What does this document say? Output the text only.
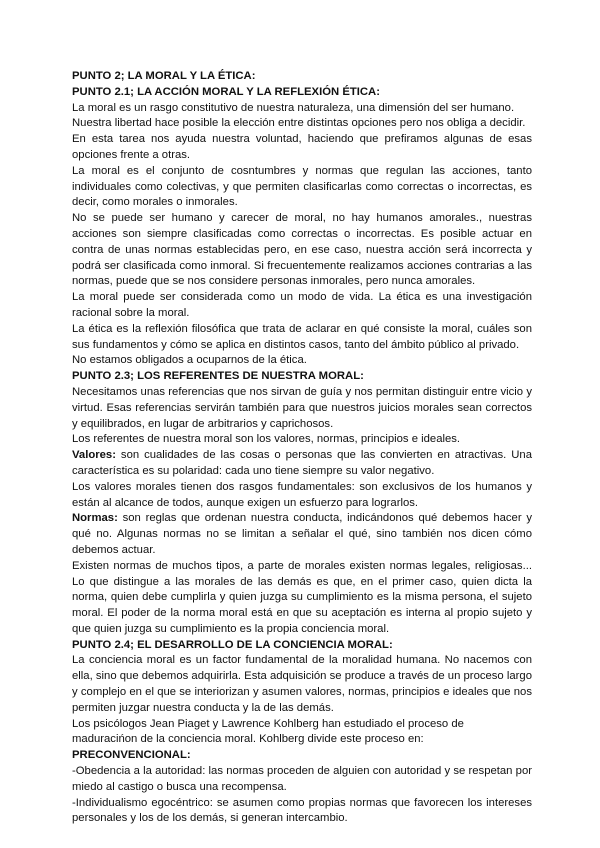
PUNTO 2; LA MORAL Y LA ÉTICA:

PUNTO 2.1; LA ACCIÓN MORAL Y LA REFLEXIÓN ÉTICA:

La moral es un rasgo constitutivo de nuestra naturaleza, una dimensión del ser humano.

Nuestra libertad hace posible la elección entre distintas opciones pero nos obliga a decidir.

En esta tarea nos ayuda nuestra voluntad, haciendo que prefiramos algunas de esas opciones frente a otras.

La moral es el conjunto de cosntumbres y normas que regulan las acciones, tanto individuales como colectivas, y que permiten clasificarlas como correctas o incorrectas, es decir, como morales o inmorales.

No se puede ser humano y carecer de moral, no hay humanos amorales., nuestras acciones son siempre clasificadas como correctas o incorrectas. Es posible actuar en contra de unas normas establecidas pero, en ese caso, nuestra acción será incorrecta y podrá ser clasificada como inmoral. Si frecuentemente realizamos acciones contrarias a las normas, puede que se nos considere personas inmorales, pero nunca amorales.

La moral puede ser considerada como un modo de vida. La ética es una investigación racional sobre la moral.

La ética es la reflexión filosófica que trata de aclarar en qué consiste la moral, cuáles son sus fundamentos y cómo se aplica en distintos casos, tanto del ámbito público al privado.

No estamos obligados a ocuparnos de la ética.

PUNTO 2.3; LOS REFERENTES DE NUESTRA MORAL:

Necesitamos unas referencias que nos sirvan de guía y nos permitan distinguir entre vicio y virtud. Esas referencias servirán también para que nuestros juicios morales sean correctos y equilibrados, en lugar de arbitrarios y caprichosos.

Los referentes de nuestra moral son los valores, normas, principios e ideales.

Valores: son cualidades de las cosas o personas que las convierten en atractivas. Una característica es su polaridad: cada uno tiene siempre su valor negativo.

Los valores morales tienen dos rasgos fundamentales: son exclusivos de los humanos y están al alcance de todos, aunque exigen un esfuerzo para lograrlos.

Normas: son reglas que ordenan nuestra conducta, indicándonos qué debemos hacer y qué no. Algunas normas no se limitan a señalar el qué, sino también nos dicen cómo debemos actuar.

Existen normas de muchos tipos, a parte de morales existen normas legales, religiosas... Lo que distingue a las morales de las demás es que, en el primer caso, quien dicta la norma, quien debe cumplirla y quien juzga su cumplimiento es la misma persona, el sujeto moral. El poder de la norma moral está en que su aceptación es interna al propio sujeto y que quien juzga su cumplimiento es la propia conciencia moral.

PUNTO 2.4; EL DESARROLLO DE LA CONCIENCIA MORAL:

La conciencia moral es un factor fundamental de la moralidad humana. No nacemos con ella, sino que debemos adquirirla. Esta adquisición se produce a través de un proceso largo y complejo en el que se interiorizan y asumen valores, normas, principios e ideales que nos permiten juzgar nuestra conducta y la de las demás.

Los psicólogos Jean Piaget y Lawrence Kohlberg han estudiado el proceso de maduracińon de la conciencia moral. Kohlberg divide este proceso en:

PRECONVENCIONAL:

-Obedencia a la autoridad: las normas proceden de alguien con autoridad y se respetan por miedo al castigo o busca una recompensa.

-Individualismo egocéntrico: se asumen como propias normas que favorecen los intereses personales y los de los demás, si generan intercambio.
